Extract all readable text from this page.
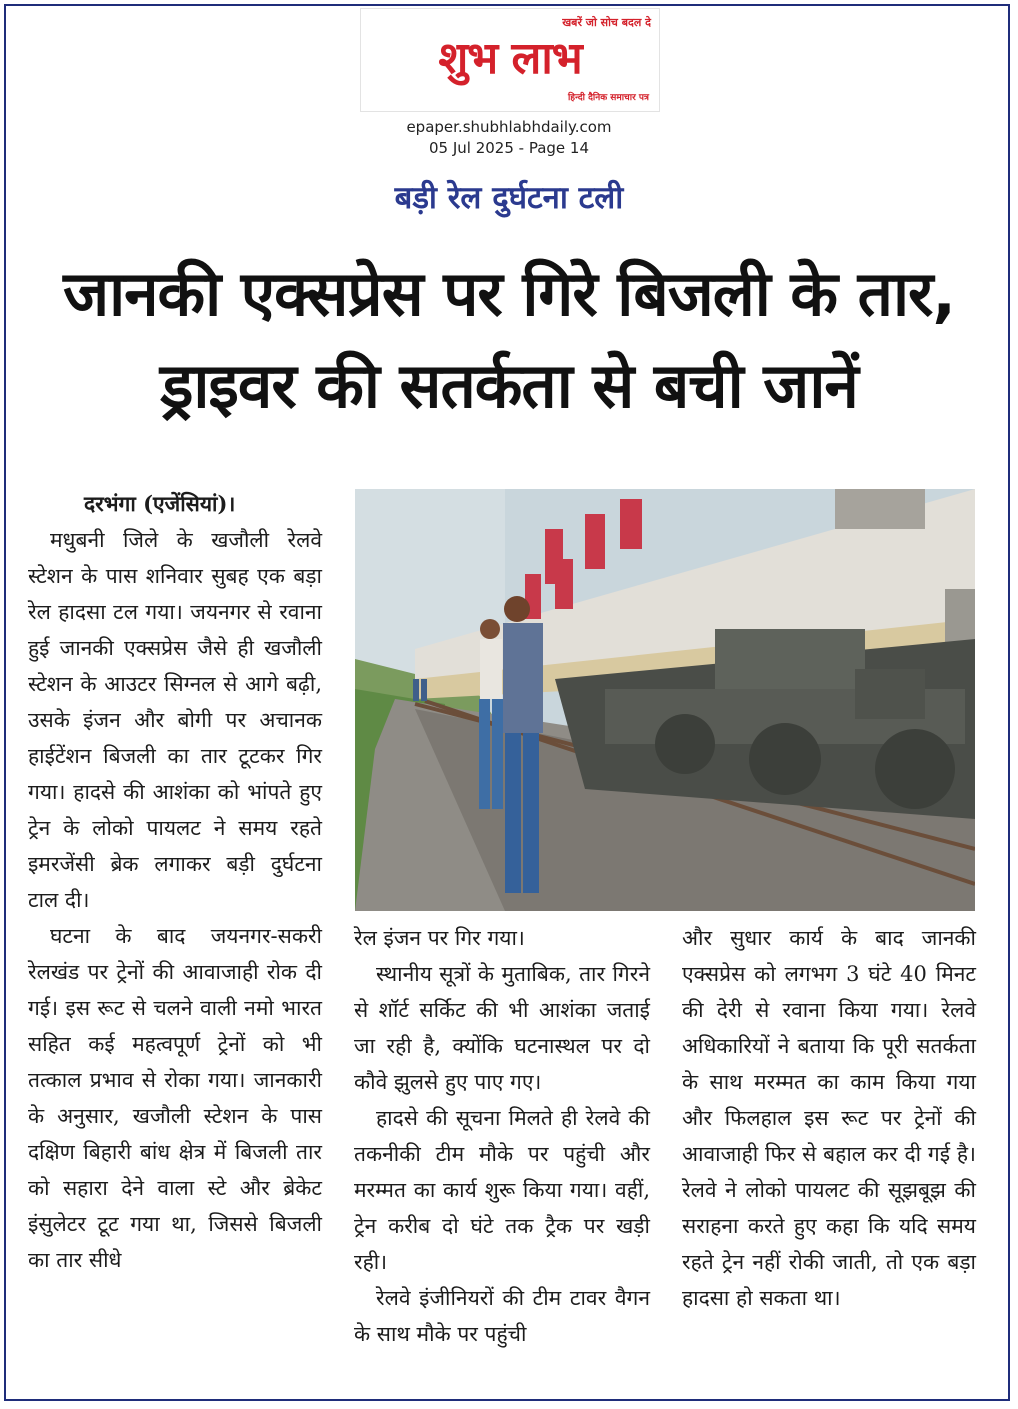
खबरें जो सोच बदल दे
शुभ लाभ
हिन्दी दैनिक समाचार पत्र
epaper.shubhlabhdaily.com
05 Jul 2025 - Page 14
बड़ी रेल दुर्घटना टली
जानकी एक्सप्रेस पर गिरे बिजली के तार, ड्राइवर की सतर्कता से बची जानें

दरभंगा (एजेंसियां)।

मधुबनी जिले के खजौली रेलवे स्टेशन के पास शनिवार सुबह एक बड़ा रेल हादसा टल गया। जयनगर से रवाना हुई जानकी एक्सप्रेस जैसे ही खजौली स्टेशन के आउटर सिग्नल से आगे बढ़ी, उसके इंजन और बोगी पर अचानक हाईटेंशन बिजली का तार टूटकर गिर गया। हादसे की आशंका को भांपते हुए ट्रेन के लोको पायलट ने समय रहते इमरजेंसी ब्रेक लगाकर बड़ी दुर्घटना टाल दी।

घटना के बाद जयनगर-सकरी रेलखंड पर ट्रेनों की आवाजाही रोक दी गई। इस रूट से चलने वाली नमो भारत सहित कई महत्वपूर्ण ट्रेनों को भी तत्काल प्रभाव से रोका गया। जानकारी के अनुसार, खजौली स्टेशन के पास दक्षिण बिहारी बांध क्षेत्र में बिजली तार को सहारा देने वाला स्टे और ब्रेकेट इंसुलेटर टूट गया था, जिससे बिजली का तार सीधे

रेल इंजन पर गिर गया।

स्थानीय सूत्रों के मुताबिक, तार गिरने से शॉर्ट सर्किट की भी आशंका जताई जा रही है, क्योंकि घटनास्थल पर दो कौवे झुलसे हुए पाए गए।

हादसे की सूचना मिलते ही रेलवे की तकनीकी टीम मौके पर पहुंची और मरम्मत का कार्य शुरू किया गया। वहीं, ट्रेन करीब दो घंटे तक ट्रैक पर खड़ी रही।

रेलवे इंजीनियरों की टीम टावर वैगन के साथ मौके पर पहुंची

और सुधार कार्य के बाद जानकी एक्सप्रेस को लगभग 3 घंटे 40 मिनट की देरी से रवाना किया गया। रेलवे अधिकारियों ने बताया कि पूरी सतर्कता के साथ मरम्मत का काम किया गया और फिलहाल इस रूट पर ट्रेनों की आवाजाही फिर से बहाल कर दी गई है। रेलवे ने लोको पायलट की सूझबूझ की सराहना करते हुए कहा कि यदि समय रहते ट्रेन नहीं रोकी जाती, तो एक बड़ा हादसा हो सकता था।
